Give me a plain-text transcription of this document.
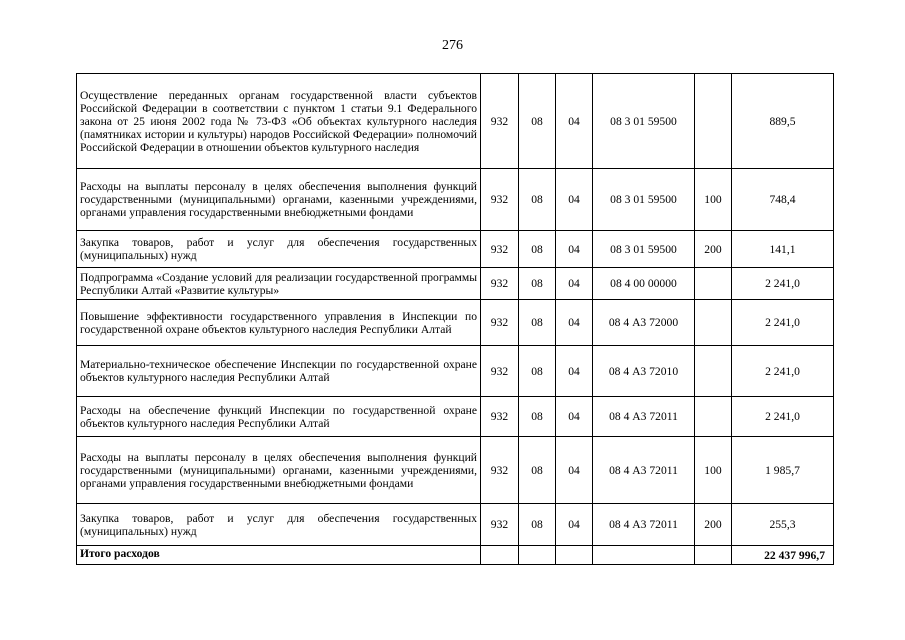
276
Осуществление переданных органам государственной власти субъектов Российской Федерации в соответствии с пунктом 1 статьи 9.1 Федерального закона от 25 июня 2002 года № 73-ФЗ «Об объектах культурного наследия (памятниках истории и культуры) народов Российской Федерации» полномочий Российской Федерации в отношении объектов культурного наследия	932	08	04	08 3 01 59500		889,5
Расходы на выплаты персоналу в целях обеспечения выполнения функций государственными (муниципальными) органами, казенными учреждениями, органами управления государственными внебюджетными фондами	932	08	04	08 3 01 59500	100	748,4
Закупка товаров, работ и услуг для обеспечения государственных (муниципальных) нужд	932	08	04	08 3 01 59500	200	141,1
Подпрограмма «Создание условий для реализации государственной программы Республики Алтай «Развитие культуры»	932	08	04	08 4 00 00000		2 241,0
Повышение эффективности государственного управления в Инспекции по государственной охране объектов культурного наследия Республики Алтай	932	08	04	08 4 А3 72000		2 241,0
Материально-техническое обеспечение Инспекции по государственной охране объектов культурного наследия Республики Алтай	932	08	04	08 4 А3 72010		2 241,0
Расходы на обеспечение функций Инспекции по государственной охране объектов культурного наследия Республики Алтай	932	08	04	08 4 А3 72011		2 241,0
Расходы на выплаты персоналу в целях обеспечения выполнения функций государственными (муниципальными) органами, казенными учреждениями, органами управления государственными внебюджетными фондами	932	08	04	08 4 А3 72011	100	1 985,7
Закупка товаров, работ и услуг для обеспечения государственных (муниципальных) нужд	932	08	04	08 4 А3 72011	200	255,3
Итого расходов						22 437 996,7
